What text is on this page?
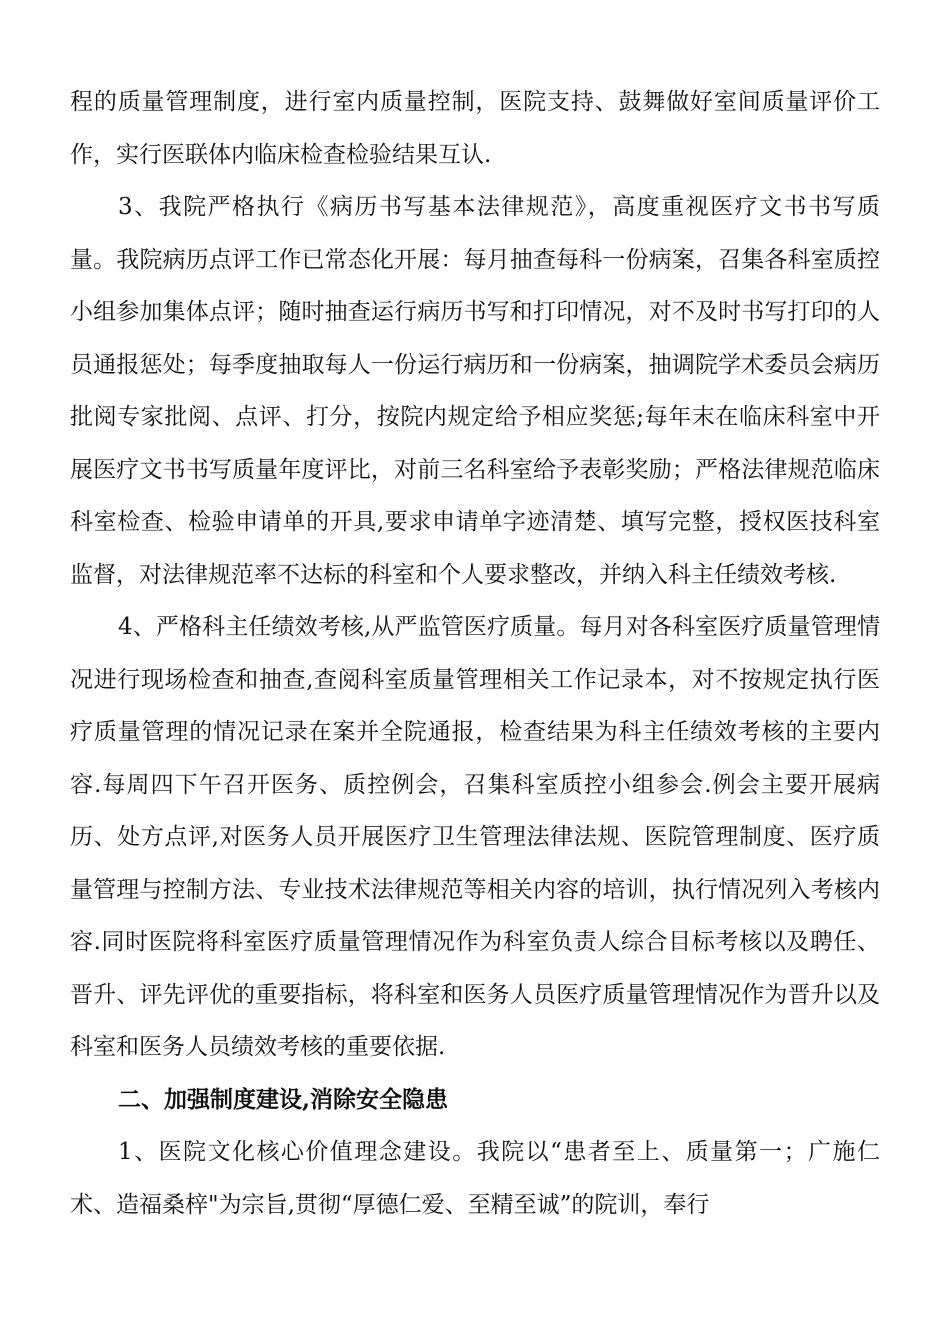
程的质量管理制度，进行室内质量控制，医院支持、鼓舞做好室间质量评价工作，实行医联体内临床检查检验结果互认.

3、我院严格执行《病历书写基本法律规范》，高度重视医疗文书书写质量。我院病历点评工作已常态化开展：每月抽查每科一份病案，召集各科室质控小组参加集体点评；随时抽查运行病历书写和打印情况，对不及时书写打印的人员通报惩处；每季度抽取每人一份运行病历和一份病案，抽调院学术委员会病历批阅专家批阅、点评、打分，按院内规定给予相应奖惩;每年末在临床科室中开展医疗文书书写质量年度评比，对前三名科室给予表彰奖励；严格法律规范临床科室检查、检验申请单的开具,要求申请单字迹清楚、填写完整，授权医技科室监督，对法律规范率不达标的科室和个人要求整改，并纳入科主任绩效考核.

4、严格科主任绩效考核,从严监管医疗质量。每月对各科室医疗质量管理情况进行现场检查和抽查,查阅科室质量管理相关工作记录本，对不按规定执行医疗质量管理的情况记录在案并全院通报，检查结果为科主任绩效考核的主要内容.每周四下午召开医务、质控例会，召集科室质控小组参会.例会主要开展病历、处方点评,对医务人员开展医疗卫生管理法律法规、医院管理制度、医疗质量管理与控制方法、专业技术法律规范等相关内容的培训，执行情况列入考核内容.同时医院将科室医疗质量管理情况作为科室负责人综合目标考核以及聘任、晋升、评先评优的重要指标，将科室和医务人员医疗质量管理情况作为晋升以及科室和医务人员绩效考核的重要依据.

二、加强制度建设,消除安全隐患

1、医院文化核心价值理念建设。我院以“患者至上、质量第一；广施仁术、造福桑梓"为宗旨,贯彻“厚德仁爱、至精至诚”的院训，奉行
